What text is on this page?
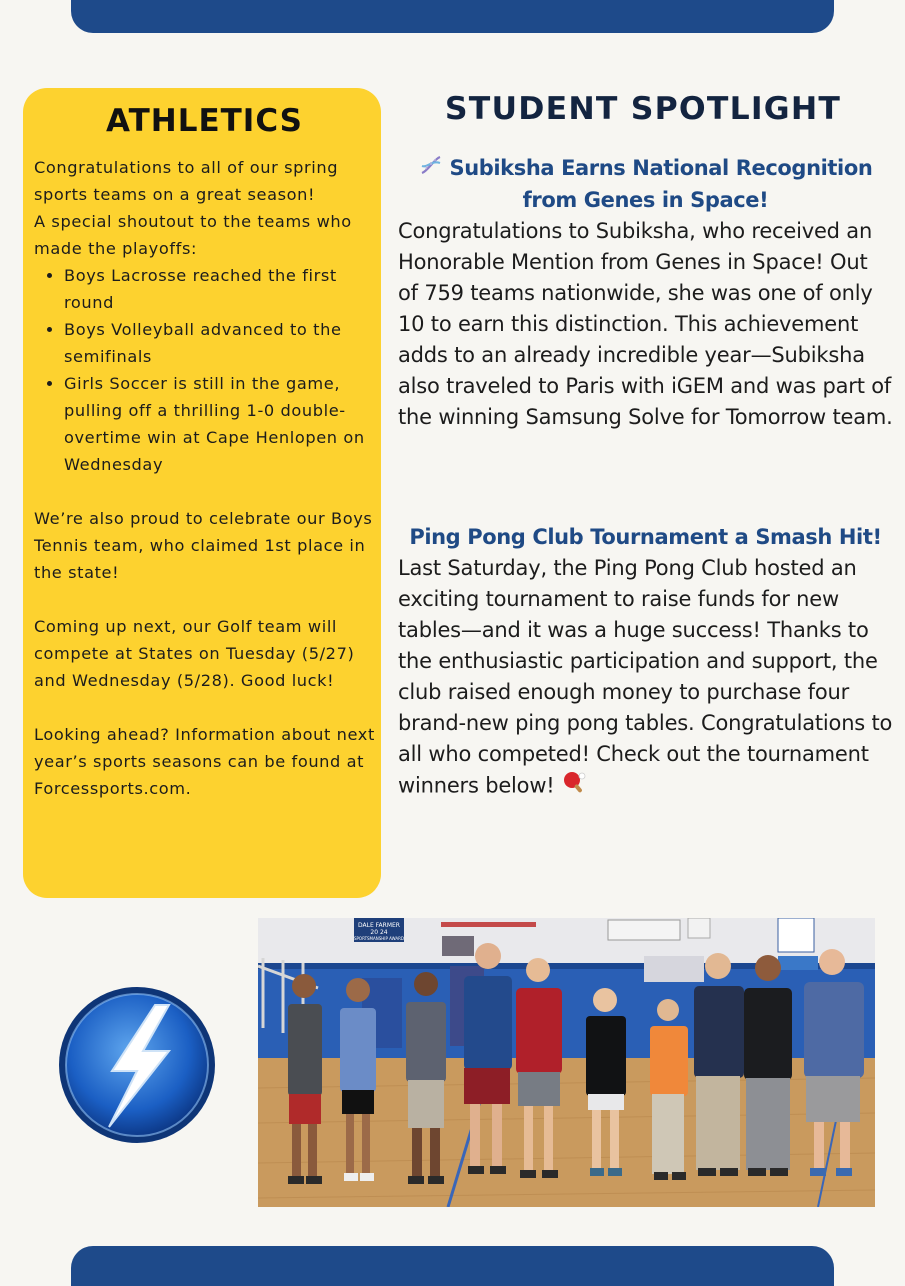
ATHLETICS

Congratulations to all of our spring sports teams on a great season!

A special shoutout to the teams who made the playoffs:

• Boys Lacrosse reached the first round
• Boys Volleyball advanced to the semifinals
• Girls Soccer is still in the game, pulling off a thrilling 1-0 double-overtime win at Cape Henlopen on Wednesday

We’re also proud to celebrate our Boys Tennis team, who claimed 1st place in the state!

Coming up next, our Golf team will compete at States on Tuesday (5/27) and Wednesday (5/28). Good luck!

Looking ahead? Information about next year’s sports seasons can be found at Forcessports.com.

STUDENT SPOTLIGHT
Subiksha Earns National Recognition from Genes in Space!

Congratulations to Subiksha, who received an Honorable Mention from Genes in Space! Out of 759 teams nationwide, she was one of only 10 to earn this distinction. This achievement adds to an already incredible year—Subiksha also traveled to Paris with iGEM and was part of the winning Samsung Solve for Tomorrow team.

Ping Pong Club Tournament a Smash Hit!

Last Saturday, the Ping Pong Club hosted an exciting tournament to raise funds for new tables—and it was a huge success! Thanks to the enthusiastic participation and support, the club raised enough money to purchase four brand-new ping pong tables. Congratulations to all who competed! Check out the tournament winners below!

DALE FARMER
20 24
SPORTSMANSHIP AWARD
